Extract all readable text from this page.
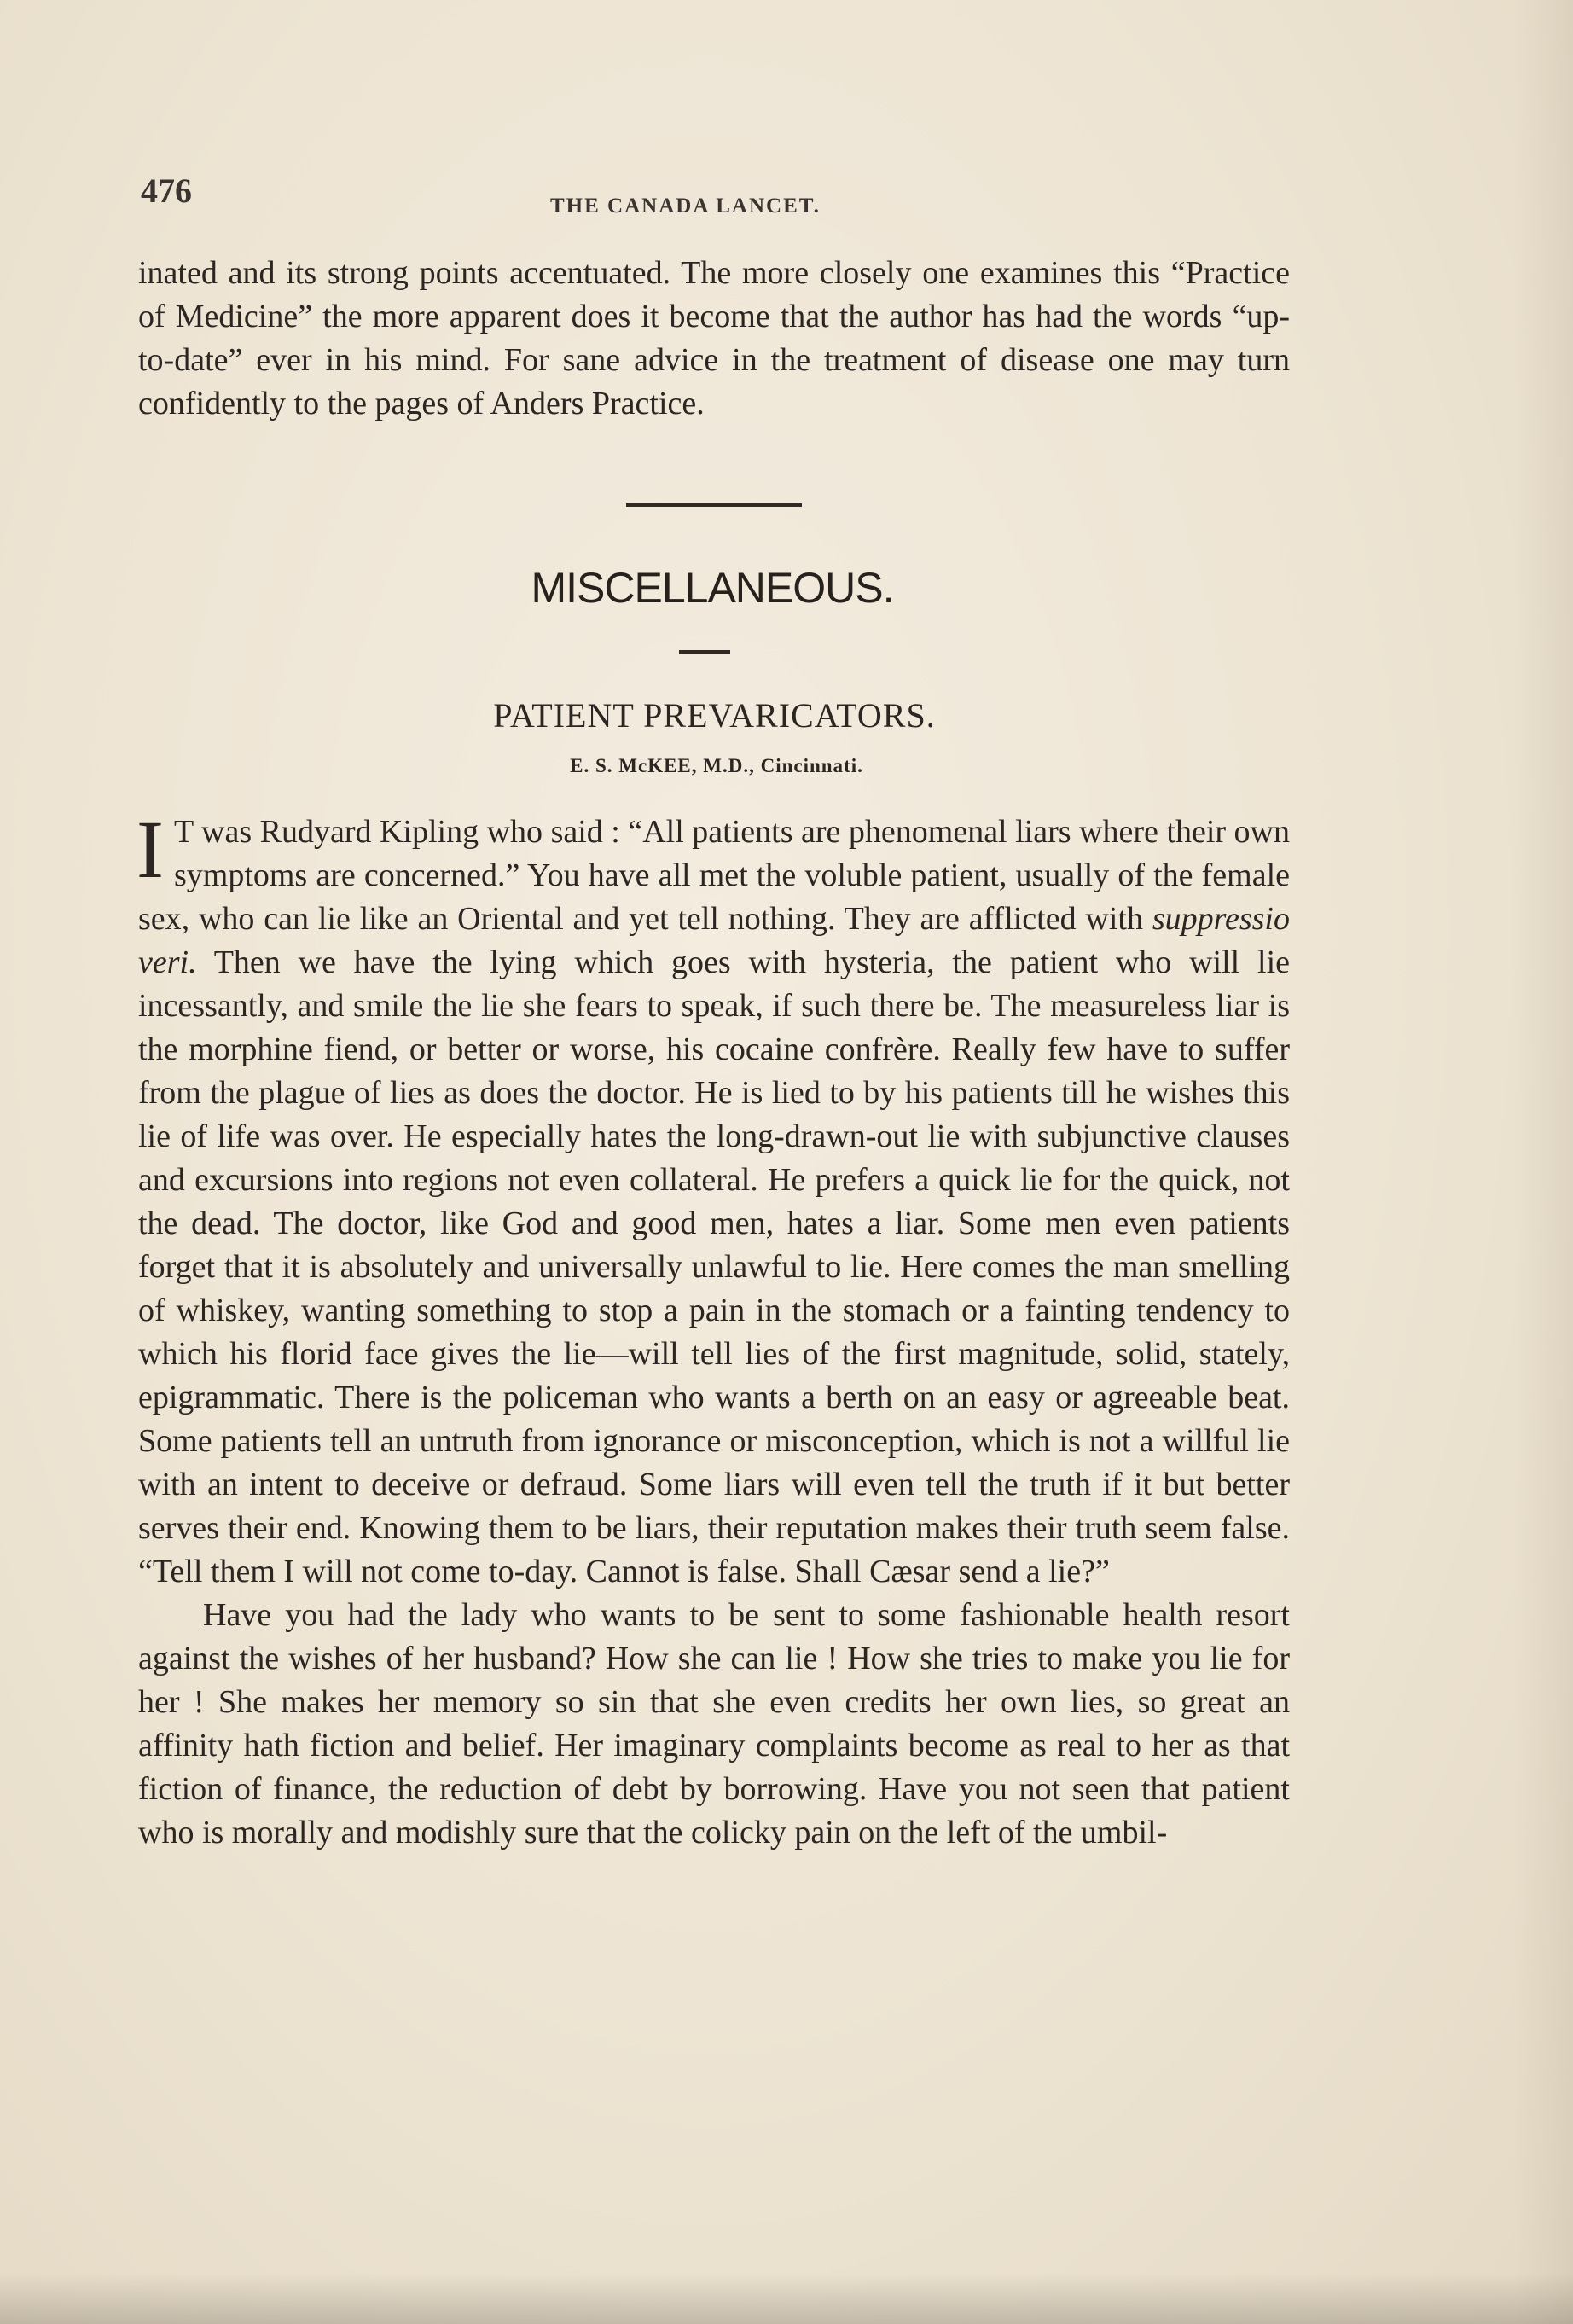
476	THE CANADA LANCET.
inated and its strong points accentuated. The more closely one examines this “Practice of Medicine” the more apparent does it become that the author has had the words “up-to-date” ever in his mind. For sane advice in the treatment of disease one may turn confidently to the pages of Anders Practice.
MISCELLANEOUS.
PATIENT PREVARICATORS.
E. S. McKEE, M.D., Cincinnati.

I T was Rudyard Kipling who said : “All patients are phenomenal liars where their own symptoms are concerned.” You have all met the voluble patient, usually of the female sex, who can lie like an Oriental and yet tell nothing. They are afflicted with suppressio veri. Then we have the lying which goes with hysteria, the patient who will lie incessantly, and smile the lie she fears to speak, if such there be. The measureless liar is the morphine fiend, or better or worse, his cocaine confrère. Really few have to suffer from the plague of lies as does the doctor. He is lied to by his patients till he wishes this lie of life was over. He especially hates the long-drawn-out lie with subjunctive clauses and excursions into regions not even collateral. He prefers a quick lie for the quick, not the dead. The doctor, like God and good men, hates a liar. Some men even patients forget that it is absolutely and universally unlawful to lie. Here comes the man smelling of whiskey, wanting something to stop a pain in the stomach or a fainting tendency to which his florid face gives the lie—will tell lies of the first magnitude, solid, stately, epigrammatic. There is the policeman who wants a berth on an easy or agreeable beat. Some patients tell an untruth from ignorance or misconception, which is not a willful lie with an intent to deceive or defraud. Some liars will even tell the truth if it but better serves their end. Knowing them to be liars, their reputation makes their truth seem false. “Tell them I will not come to-day. Cannot is false. Shall Cæsar send a lie?”

Have you had the lady who wants to be sent to some fashionable health resort against the wishes of her husband? How she can lie ! How she tries to make you lie for her ! She makes her memory so sin that she even credits her own lies, so great an affinity hath fiction and belief. Her imaginary complaints become as real to her as that fiction of finance, the reduction of debt by borrowing. Have you not seen that patient who is morally and modishly sure that the colicky pain on the left of the umbil-
